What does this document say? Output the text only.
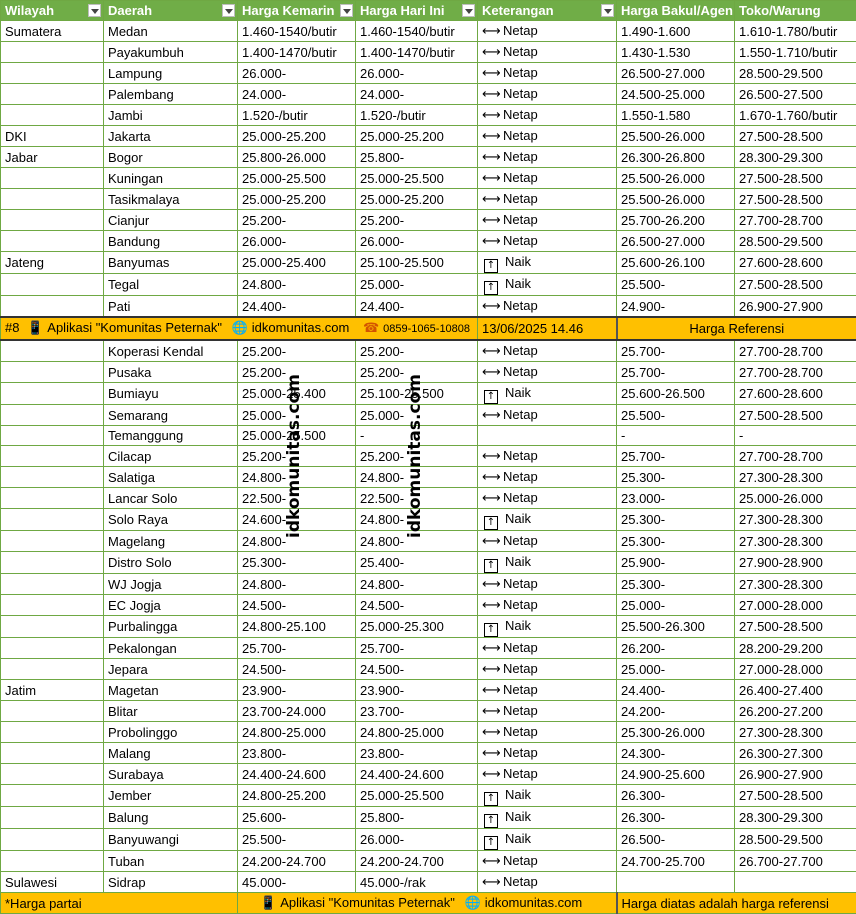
Wilayah	Daerah	Harga Kemarin	Harga Hari Ini	Keterangan	Harga Bakul/Agen	Toko/Warung
Sumatera	Medan	1.460-1540/butir	1.460-1540/butir	⟷ Netap	1.490-1.600	1.610-1.780/butir
	Payakumbuh	1.400-1470/butir	1.400-1470/butir	⟷ Netap	1.430-1.530	1.550-1.710/butir
	Lampung	26.000-	26.000-	⟷ Netap	26.500-27.000	28.500-29.500
	Palembang	24.000-	24.000-	⟷ Netap	24.500-25.000	26.500-27.500
	Jambi	1.520-/butir	1.520-/butir	⟷ Netap	1.550-1.580	1.670-1.760/butir
DKI	Jakarta	25.000-25.200	25.000-25.200	⟷ Netap	25.500-26.000	27.500-28.500
Jabar	Bogor	25.800-26.000	25.800-	⟷ Netap	26.300-26.800	28.300-29.300
	Kuningan	25.000-25.500	25.000-25.500	⟷ Netap	25.500-26.000	27.500-28.500
	Tasikmalaya	25.000-25.200	25.000-25.200	⟷ Netap	25.500-26.000	27.500-28.500
	Cianjur	25.200-	25.200-	⟷ Netap	25.700-26.200	27.700-28.700
	Bandung	26.000-	26.000-	⟷ Netap	26.500-27.000	28.500-29.500
Jateng	Banyumas	25.000-25.400	25.100-25.500	↑ Naik	25.600-26.100	27.600-28.600
	Tegal	24.800-	25.000-	↑ Naik	25.500-	27.500-28.500
	Pati	24.400-	24.400-	⟷ Netap	24.900-	26.900-27.900
#8 📱 Aplikasi "Komunitas Peternak" 🌐 idkomunitas.com ☎ 0859-1065-10808				13/06/2025 14.46	Harga Referensi	
	Koperasi Kendal	25.200-	25.200-	⟷ Netap	25.700-	27.700-28.700
	Pusaka	25.200-	25.200-	⟷ Netap	25.700-	27.700-28.700
	Bumiayu	25.000-25.400	25.100-25.500	↑ Naik	25.600-26.500	27.600-28.600
	Semarang	25.000-	25.000-	⟷ Netap	25.500-	27.500-28.500
	Temanggung	25.000-25.500	-		-	-
	Cilacap	25.200-	25.200-	⟷ Netap	25.700-	27.700-28.700
	Salatiga	24.800-	24.800-	⟷ Netap	25.300-	27.300-28.300
	Lancar Solo	22.500-	22.500-	⟷ Netap	23.000-	25.000-26.000
	Solo Raya	24.600-	24.800-	↑ Naik	25.300-	27.300-28.300
	Magelang	24.800-	24.800-	⟷ Netap	25.300-	27.300-28.300
	Distro Solo	25.300-	25.400-	↑ Naik	25.900-	27.900-28.900
	WJ Jogja	24.800-	24.800-	⟷ Netap	25.300-	27.300-28.300
	EC Jogja	24.500-	24.500-	⟷ Netap	25.000-	27.000-28.000
	Purbalingga	24.800-25.100	25.000-25.300	↑ Naik	25.500-26.300	27.500-28.500
	Pekalongan	25.700-	25.700-	⟷ Netap	26.200-	28.200-29.200
	Jepara	24.500-	24.500-	⟷ Netap	25.000-	27.000-28.000
Jatim	Magetan	23.900-	23.900-	⟷ Netap	24.400-	26.400-27.400
	Blitar	23.700-24.000	23.700-	⟷ Netap	24.200-	26.200-27.200
	Probolinggo	24.800-25.000	24.800-25.000	⟷ Netap	25.300-26.000	27.300-28.300
	Malang	23.800-	23.800-	⟷ Netap	24.300-	26.300-27.300
	Surabaya	24.400-24.600	24.400-24.600	⟷ Netap	24.900-25.600	26.900-27.900
	Jember	24.800-25.200	25.000-25.500	↑ Naik	26.300-	27.500-28.500
	Balung	25.600-	25.800-	↑ Naik	26.300-	28.300-29.300
	Banyuwangi	25.500-	26.000-	↑ Naik	26.500-	28.500-29.500
	Tuban	24.200-24.700	24.200-24.700	⟷ Netap	24.700-25.700	26.700-27.700
Sulawesi	Sidrap	45.000-	45.000-/rak	⟷ Netap		
*Harga partai		📱 Aplikasi "Komunitas Peternak" 🌐 idkomunitas.com			Harga diatas adalah harga referensi	
idkomunitas.com	idkomunitas.com
